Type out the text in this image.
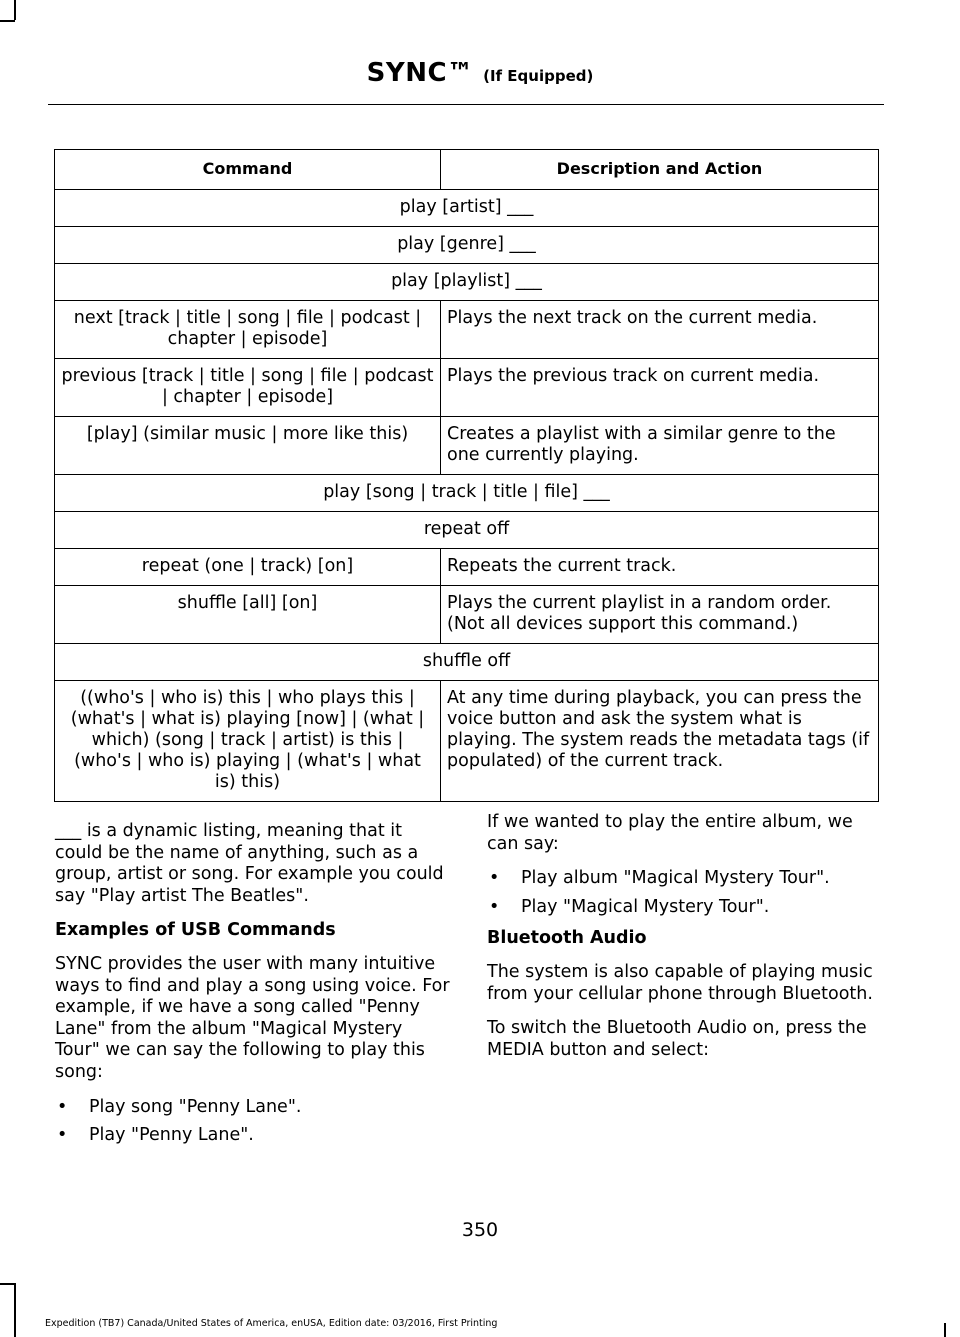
SYNC™ (If Equipped)
Command	Description and Action
play [artist] ___	
play [genre] ___	
play [playlist] ___	
next [track | title | song | file | podcast | chapter | episode]	Plays the next track on the current media.
previous [track | title | song | file | podcast | chapter | episode]	Plays the previous track on current media.
[play] (similar music | more like this)	Creates a playlist with a similar genre to the one currently playing.
play [song | track | title | file] ___	
repeat off	
repeat (one | track) [on]	Repeats the current track.
shuffle [all] [on]	Plays the current playlist in a random order. (Not all devices support this command.)
shuffle off	
((who's | who is) this | who plays this | (what's | what is) playing [now] | (what | which) (song | track | artist) is this | (who's | who is) playing | (what's | what is) this)	At any time during playback, you can press the voice button and ask the system what is playing. The system reads the metadata tags (if populated) of the current track.

___ is a dynamic listing, meaning that it could be the name of anything, such as a group, artist or song. For example you could say "Play artist The Beatles".

Examples of USB Commands

SYNC provides the user with many intuitive ways to find and play a song using voice. For example, if we have a song called "Penny Lane" from the album "Magical Mystery Tour" we can say the following to play this song:

• Play song "Penny Lane".
• Play "Penny Lane".

If we wanted to play the entire album, we can say:

• Play album "Magical Mystery Tour".
• Play "Magical Mystery Tour".
Bluetooth Audio

The system is also capable of playing music from your cellular phone through Bluetooth.

To switch the Bluetooth Audio on, press the MEDIA button and select:

350
Expedition (TB7) Canada/United States of America, enUSA, Edition date: 03/2016, First Printing
